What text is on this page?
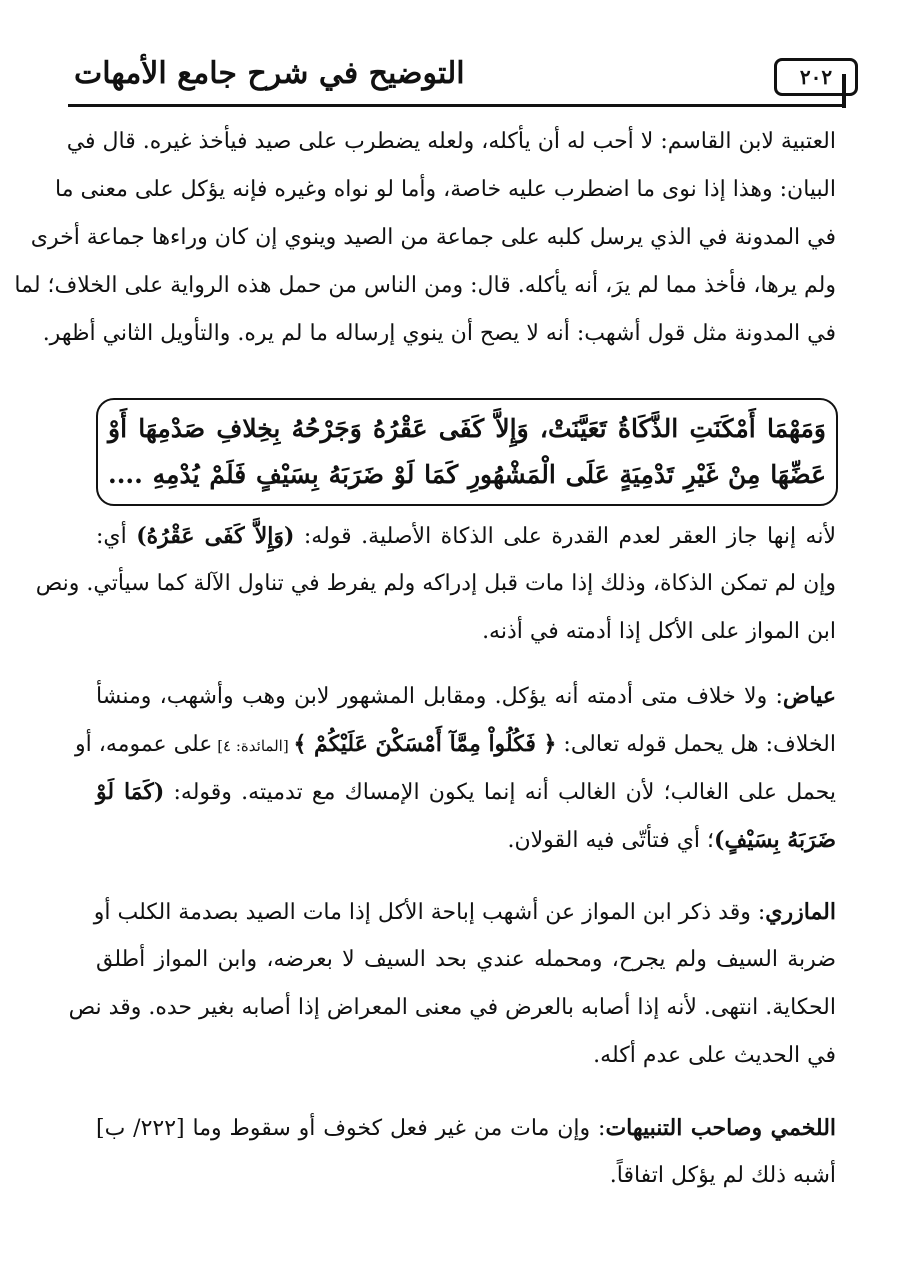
٢٠٢
التوضيح في شرح جامع الأمهات
العتبية لابن القاسم: لا أحب له أن يأكله، ولعله يضطرب على صيد فيأخذ غيره. قال في
البيان: وهذا إذا نوى ما اضطرب عليه خاصة، وأما لو نواه وغيره فإنه يؤكل على معنى ما
في المدونة في الذي يرسل كلبه على جماعة من الصيد وينوي إن كان وراءها جماعة أخرى
ولم يرها، فأخذ مما لم يرَ، أنه يأكله. قال: ومن الناس من حمل هذه الرواية على الخلاف؛ لما
في المدونة مثل قول أشهب: أنه لا يصح أن ينوي إرساله ما لم يره. والتأويل الثاني أظهر.
وَمَهْمَا أَمْكَنَتِ الذَّكَاةُ تَعَيَّنَتْ، وَإِلاَّ كَفَى عَقْرُهُ وَجَرْحُهُ بِخِلافِ صَدْمِهَا أَوْ
عَضِّهَا مِنْ غَيْرِ تَدْمِيَةٍ عَلَى الْمَشْهُورِ كَمَا لَوْ ضَرَبَهُ بِسَيْفٍ فَلَمْ يُدْمِهِ ....
لأنه إنها جاز العقر لعدم القدرة على الذكاة الأصلية. قوله: (وَإِلاَّ كَفَى عَقْرُهُ) أي:
وإن لم تمكن الذكاة، وذلك إذا مات قبل إدراكه ولم يفرط في تناول الآلة كما سيأتي. ونص
ابن المواز على الأكل إذا أدمته في أذنه.
عياض: ولا خلاف متى أدمته أنه يؤكل. ومقابل المشهور لابن وهب وأشهب، ومنشأ
الخلاف: هل يحمل قوله تعالى: ﴿ فَكُلُواْ مِمَّآ أَمْسَكْنَ عَلَيْكُمْ ﴾ [المائدة: ٤] على عمومه، أو
يحمل على الغالب؛ لأن الغالب أنه إنما يكون الإمساك مع تدميته. وقوله: (كَمَا لَوْ
ضَرَبَهُ بِسَيْفٍ)؛ أي فتأتّى فيه القولان.
المازري: وقد ذكر ابن المواز عن أشهب إباحة الأكل إذا مات الصيد بصدمة الكلب أو
ضربة السيف ولم يجرح، ومحمله عندي بحد السيف لا بعرضه، وابن المواز أطلق
الحكاية. انتهى. لأنه إذا أصابه بالعرض في معنى المعراض إذا أصابه بغير حده. وقد نص
في الحديث على عدم أكله.
اللخمي وصاحب التنبيهات: وإن مات من غير فعل كخوف أو سقوط وما [٢٢٢/ ب]
أشبه ذلك لم يؤكل اتفاقاً.
